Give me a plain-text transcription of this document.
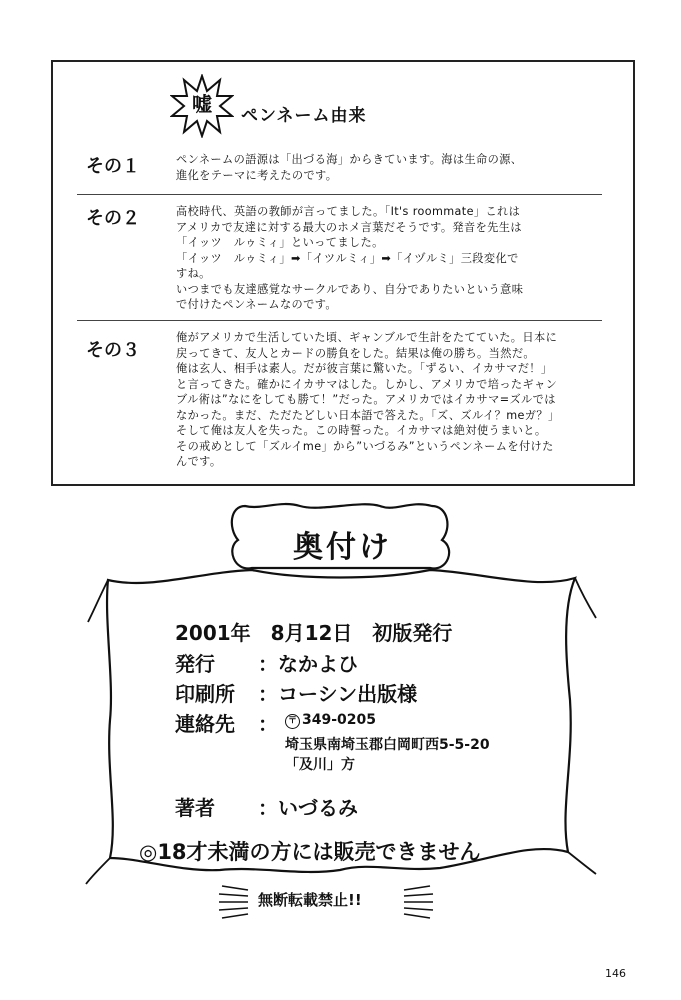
嘘	ペンネーム由来
その１	ペンネームの語源は「出づる海」からきています。海は生命の源、
進化をテーマに考えたのです。
その２	高校時代、英語の教師が言ってました。「It's roommate」これは
アメリカで友達に対する最大のホメ言葉だそうです。発音を先生は
「イッツ　ルゥミィ」といってました。
「イッツ　ルゥミィ」➡「イツルミィ」➡「イヅルミ」三段変化で
すね。
いつまでも友達感覚なサークルであり、自分でありたいという意味
で付けたペンネームなのです。
その３
俺がアメリカで生活していた頃、ギャンブルで生計をたてていた。日本に
戻ってきて、友人とカードの勝負をした。結果は俺の勝ち。当然だ。
俺は玄人、相手は素人。だが彼言葉に驚いた。「ずるい、イカサマだ！」
と言ってきた。確かにイカサマはした。しかし、アメリカで培ったギャン
ブル術は”なにをしても勝て！”だった。アメリカではイカサマ=ズルでは
なかった。まだ、ただたどしい日本語で答えた。「ズ、ズルイ？meガ？」
そして俺は友人を失った。この時誓った。イカサマは絶対使うまいと。
その戒めとして「ズルイme」から”いづるみ”というペンネームを付けた
んです。
奥付け
2001年　8月12日　初版発行
発行 ：なかよひ
印刷所 ：コーシン出版様
連絡先 ：	〒 349-0205
埼玉県南埼玉郡白岡町西5-5-20
「及川」方
著者 ：いづるみ
◎18才未満の方には販売できません
無断転載禁止!!
146
